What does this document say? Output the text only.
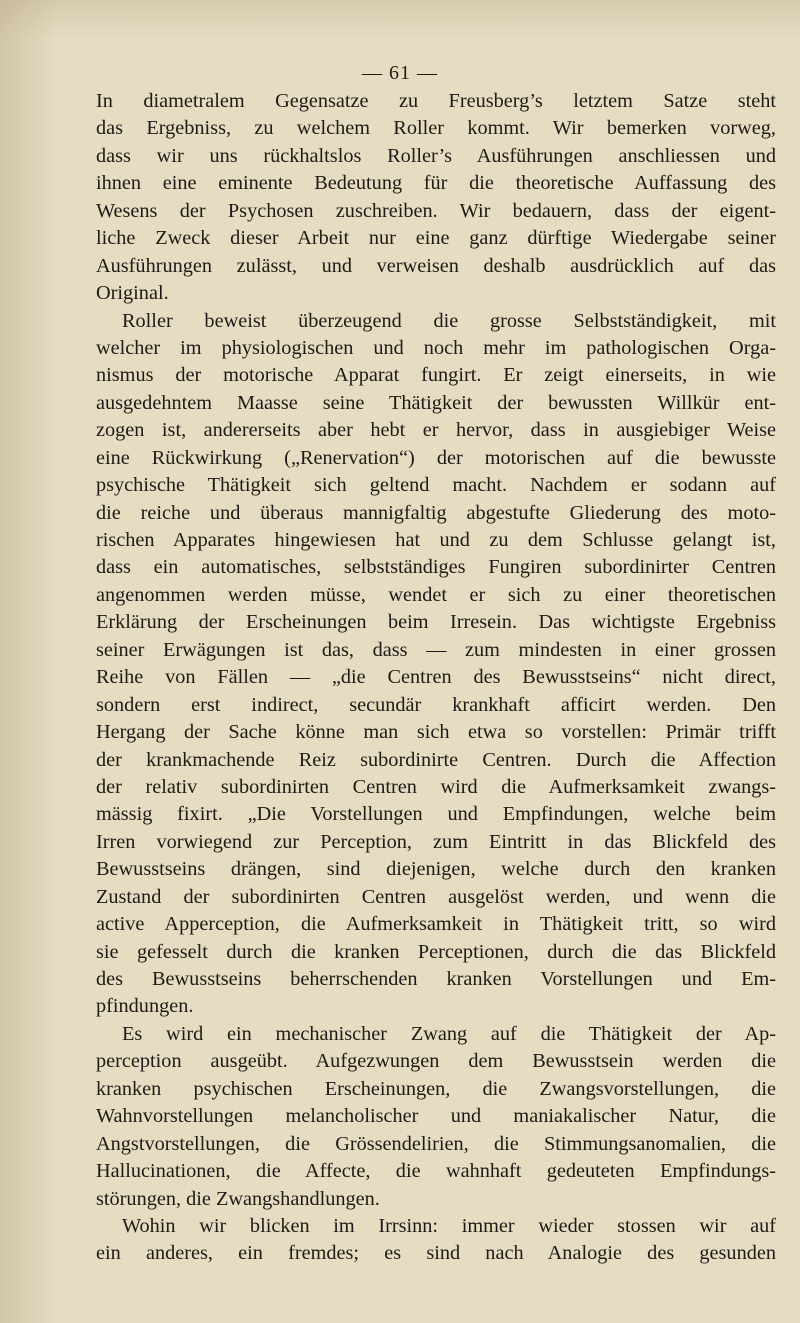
— 61 —
In diametralem Gegensatze zu Freusberg’s letztem Satze steht
das Ergebniss, zu welchem Roller kommt. Wir bemerken vorweg,
dass wir uns rückhaltslos Roller’s Ausführungen anschliessen und
ihnen eine eminente Bedeutung für die theoretische Auffassung des
Wesens der Psychosen zuschreiben. Wir bedauern, dass der eigent-
liche Zweck dieser Arbeit nur eine ganz dürftige Wiedergabe seiner
Ausführungen zulässt, und verweisen deshalb ausdrücklich auf das
Original.
Roller beweist überzeugend die grosse Selbstständigkeit, mit
welcher im physiologischen und noch mehr im pathologischen Orga-
nismus der motorische Apparat fungirt. Er zeigt einerseits, in wie
ausgedehntem Maasse seine Thätigkeit der bewussten Willkür ent-
zogen ist, andererseits aber hebt er hervor, dass in ausgiebiger Weise
eine Rückwirkung („Renervation“) der motorischen auf die bewusste
psychische Thätigkeit sich geltend macht. Nachdem er sodann auf
die reiche und überaus mannigfaltig abgestufte Gliederung des moto-
rischen Apparates hingewiesen hat und zu dem Schlusse gelangt ist,
dass ein automatisches, selbstständiges Fungiren subordinirter Centren
angenommen werden müsse, wendet er sich zu einer theoretischen
Erklärung der Erscheinungen beim Irresein. Das wichtigste Ergebniss
seiner Erwägungen ist das, dass — zum mindesten in einer grossen
Reihe von Fällen — „die Centren des Bewusstseins“ nicht direct,
sondern erst indirect, secundär krankhaft afficirt werden. Den
Hergang der Sache könne man sich etwa so vorstellen: Primär trifft
der krankmachende Reiz subordinirte Centren. Durch die Affection
der relativ subordinirten Centren wird die Aufmerksamkeit zwangs-
mässig fixirt. „Die Vorstellungen und Empfindungen, welche beim
Irren vorwiegend zur Perception, zum Eintritt in das Blickfeld des
Bewusstseins drängen, sind diejenigen, welche durch den kranken
Zustand der subordinirten Centren ausgelöst werden, und wenn die
active Apperception, die Aufmerksamkeit in Thätigkeit tritt, so wird
sie gefesselt durch die kranken Perceptionen, durch die das Blickfeld
des Bewusstseins beherrschenden kranken Vorstellungen und Em-
pfindungen.
Es wird ein mechanischer Zwang auf die Thätigkeit der Ap-
perception ausgeübt. Aufgezwungen dem Bewusstsein werden die
kranken psychischen Erscheinungen, die Zwangsvorstellungen, die
Wahnvorstellungen melancholischer und maniakalischer Natur, die
Angstvorstellungen, die Grössendelirien, die Stimmungsanomalien, die
Hallucinationen, die Affecte, die wahnhaft gedeuteten Empfindungs-
störungen, die Zwangshandlungen.
Wohin wir blicken im Irrsinn: immer wieder stossen wir auf
ein anderes, ein fremdes; es sind nach Analogie des gesunden
